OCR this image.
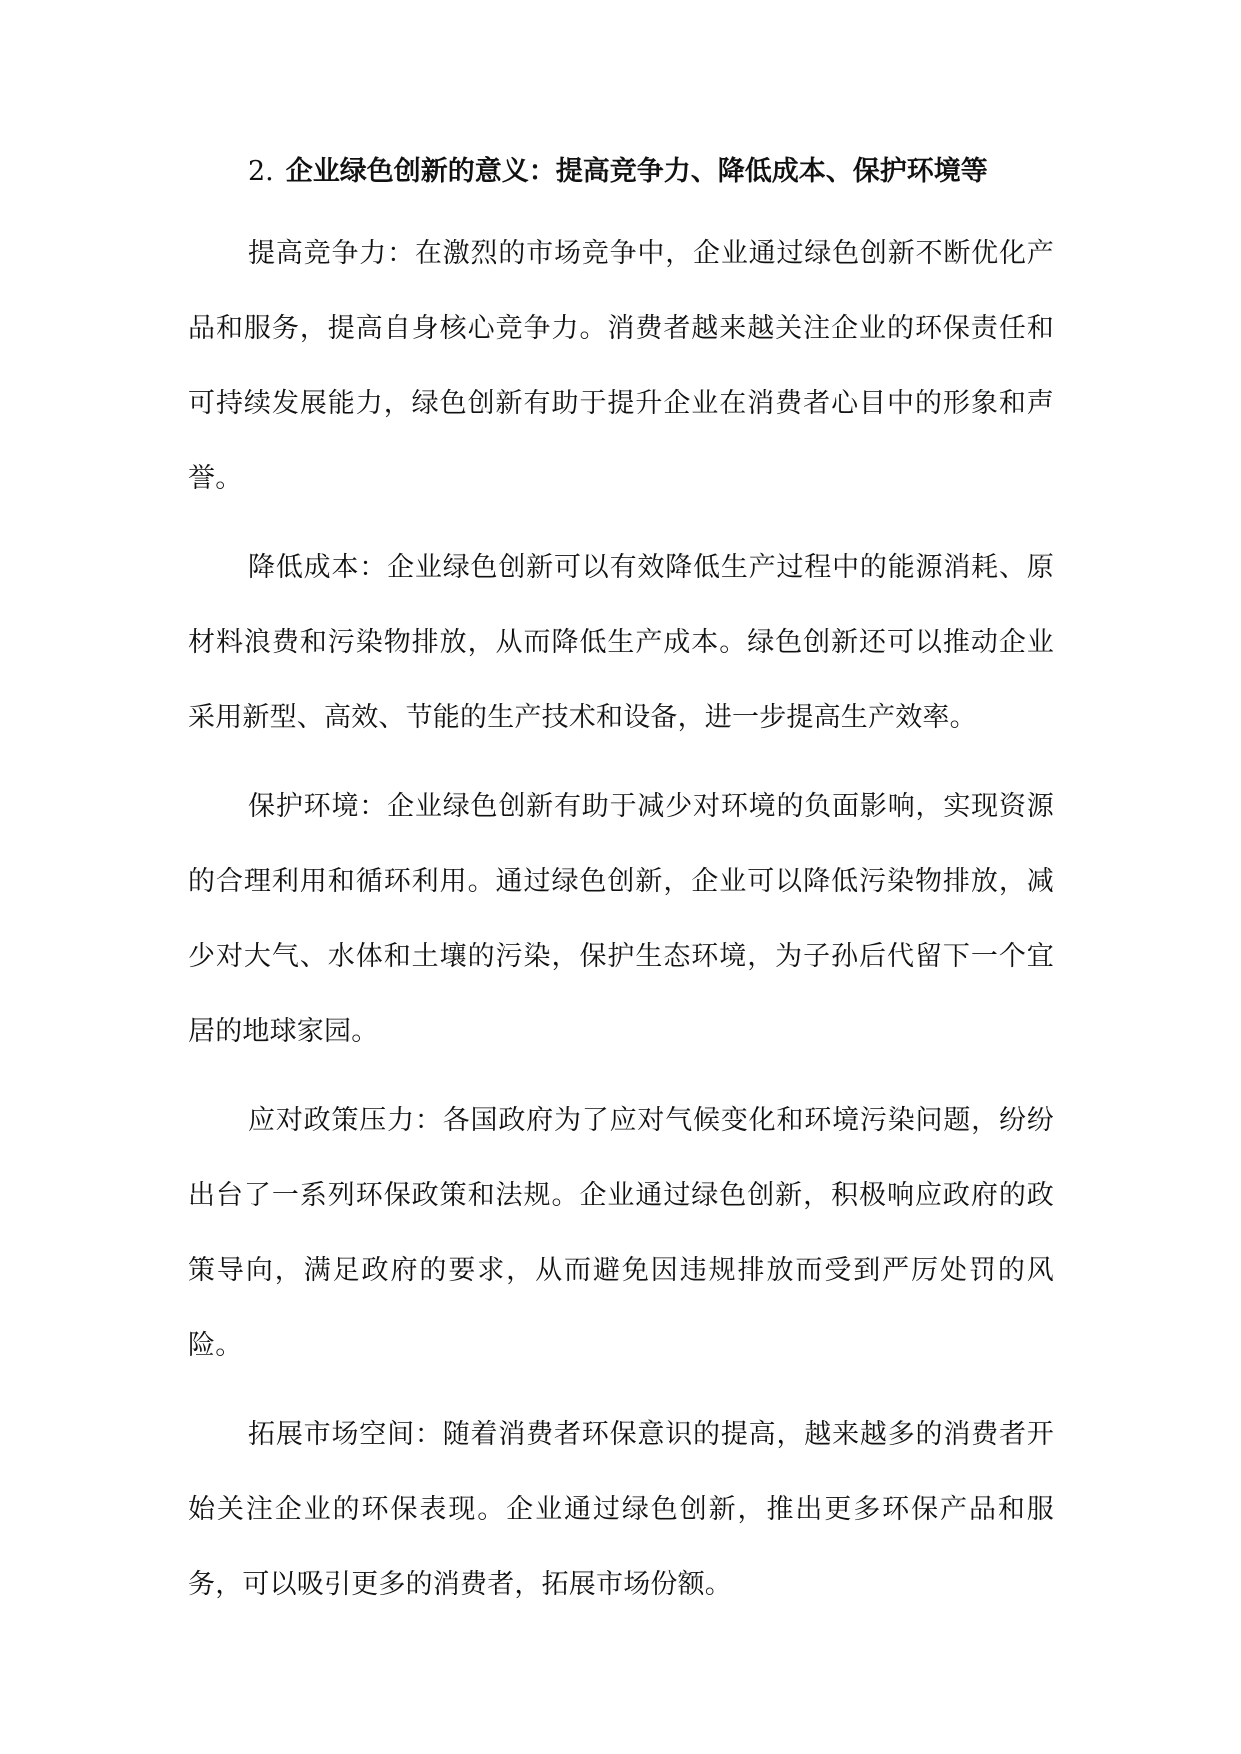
2. 企业绿色创新的意义：提高竞争力、降低成本、保护环境等

提高竞争力：在激烈的市场竞争中，企业通过绿色创新不断优化产品和服务，提高自身核心竞争力。消费者越来越关注企业的环保责任和可持续发展能力，绿色创新有助于提升企业在消费者心目中的形象和声誉。

降低成本：企业绿色创新可以有效降低生产过程中的能源消耗、原材料浪费和污染物排放，从而降低生产成本。绿色创新还可以推动企业采用新型、高效、节能的生产技术和设备，进一步提高生产效率。

保护环境：企业绿色创新有助于减少对环境的负面影响，实现资源的合理利用和循环利用。通过绿色创新，企业可以降低污染物排放，减少对大气、水体和土壤的污染，保护生态环境，为子孙后代留下一个宜居的地球家园。

应对政策压力：各国政府为了应对气候变化和环境污染问题，纷纷出台了一系列环保政策和法规。企业通过绿色创新，积极响应政府的政策导向，满足政府的要求，从而避免因违规排放而受到严厉处罚的风险。

拓展市场空间：随着消费者环保意识的提高，越来越多的消费者开始关注企业的环保表现。企业通过绿色创新，推出更多环保产品和服务，可以吸引更多的消费者，拓展市场份额。
